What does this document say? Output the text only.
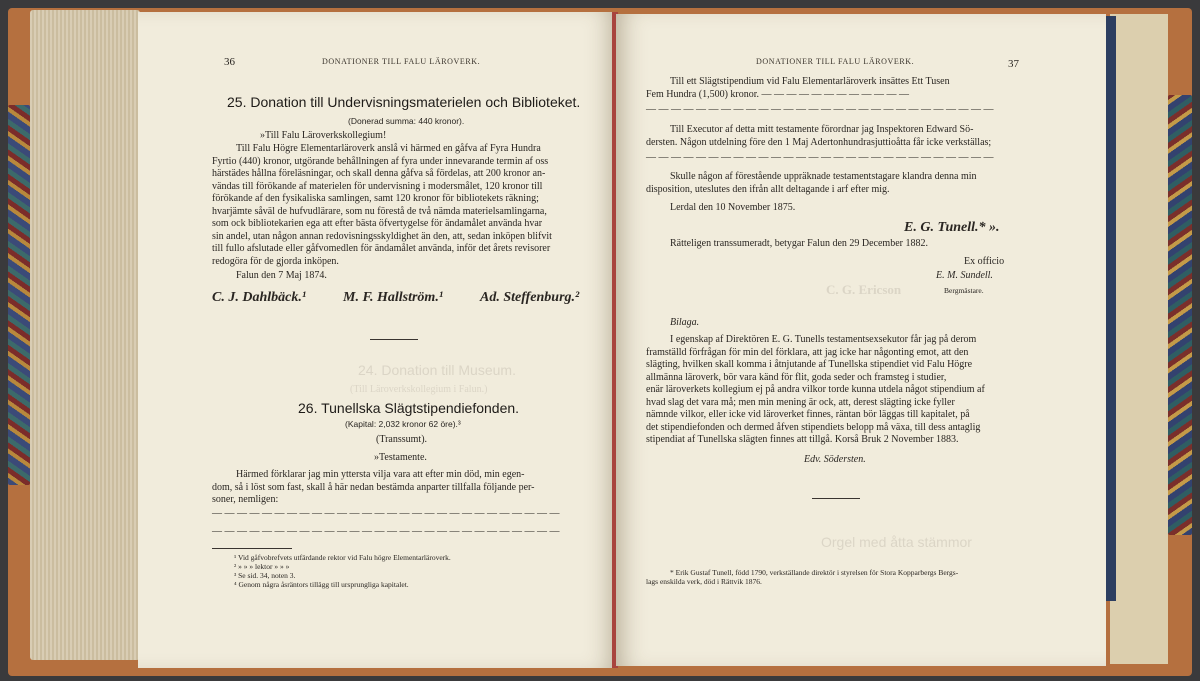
36	DONATIONER TILL FALU LÄROVERK.
25. Donation till Undervisningsmaterielen och Biblioteket.
(Donerad summa: 440 kronor).
»Till Falu Läroverkskollegium!
Till Falu Högre Elementarläroverk anslå vi härmed en gåfva af Fyra Hundra
Fyrtio (440) kronor, utgörande behållningen af fyra under innevarande termin af oss
härstädes hållna föreläsningar, och skall denna gåfva så fördelas, att 200 kronor an-
vändas till förökande af materielen för undervisning i modersmålet, 120 kronor till
förökande af den fysikaliska samlingen, samt 120 kronor för bibliotekets räkning;
hvarjämte såväl de hufvudlärare, som nu förestå de två nämda materielsamlingarna,
som ock bibliotekarien ega att efter bästa öfvertygelse för ändamålet använda hvar
sin andel, utan någon annan redovisningsskyldighet än den, att, sedan inköpen blifvit
till fullo afslutade eller gåfvomedlen för ändamålet använda, inför det årets revisorer
redogöra för de gjorda inköpen.
Falun den 7 Maj 1874.
C. J. Dahlbäck.¹	M. F. Hallström.¹	Ad. Steffenburg.²
24. Donation till Museum.
(Till Läroverkskollegium i Falun.)
26. Tunellska Slägtstipendiefonden.
(Kapital: 2,032 kronor 62 öre).³
(Transsumt).
»Testamente.
Härmed förklarar jag min yttersta vilja vara att efter min död, min egen-
dom, så i löst som fast, skall å här nedan bestämda anparter tillfalla följande per-
soner, nemligen:
— — — — — — — — — — — — — — — — — — — — — — — — — — — —
— — — — — — — — — — — — — — — — — — — — — — — — — — — —
¹ Vid gåfvobrefvets utfärdande rektor vid Falu högre Elementarläroverk.
² » » » lektor » » »
³ Se sid. 34, noten 3.
⁴ Genom några åsräntors tillägg till ursprungliga kapitalet.
DONATIONER TILL FALU LÄROVERK.	37
Till ett Slägtstipendium vid Falu Elementarläroverk insättes Ett Tusen
Fem Hundra (1,500) kronor. — — — — — — — — — — — —
— — — — — — — — — — — — — — — — — — — — — — — — — — — —
Till Executor af detta mitt testamente förordnar jag Inspektoren Edward Sö-
dersten. Någon utdelning före den 1 Maj Adertonhundrasjuttioåtta får icke verkställas;
— — — — — — — — — — — — — — — — — — — — — — — — — — — —
Skulle någon af förestående uppräknade testamentstagare klandra denna min
disposition, uteslutes den ifrån allt deltagande i arf efter mig.
Lerdal den 10 November 1875.
E. G. Tunell.* ».
Rätteligen transsumeradt, betygar Falun den 29 December 1882.
Ex officio
E. M. Sundell.
Bergmästare.
C. G. Ericson
Bilaga.
I egenskap af Direktören E. G. Tunells testamentsexsekutor får jag på derom
framställd förfrågan för min del förklara, att jag icke har någonting emot, att den
slägting, hvilken skall komma i åtnjutande af Tunellska stipendiet vid Falu Högre
allmänna läroverk, bör vara känd för flit, goda seder och framsteg i studier,
enär läroverkets kollegium ej på andra vilkor torde kunna utdela något stipendium af
hvad slag det vara må; men min mening är ock, att, derest slägting icke fyller
nämnde vilkor, eller icke vid läroverket finnes, räntan bör läggas till kapitalet, på
det stipendiefonden och dermed åfven stipendiets belopp må växa, till dess antaglig
stipendiat af Tunellska slägten finnes att tillgå. Korså Bruk 2 November 1883.
Edv. Södersten.
Orgel med åtta stämmor
* Erik Gustaf Tunell, född 1790, verkställande direktör i styrelsen för Stora Kopparbergs Bergs-
lags enskilda verk, död i Rättvik 1876.
